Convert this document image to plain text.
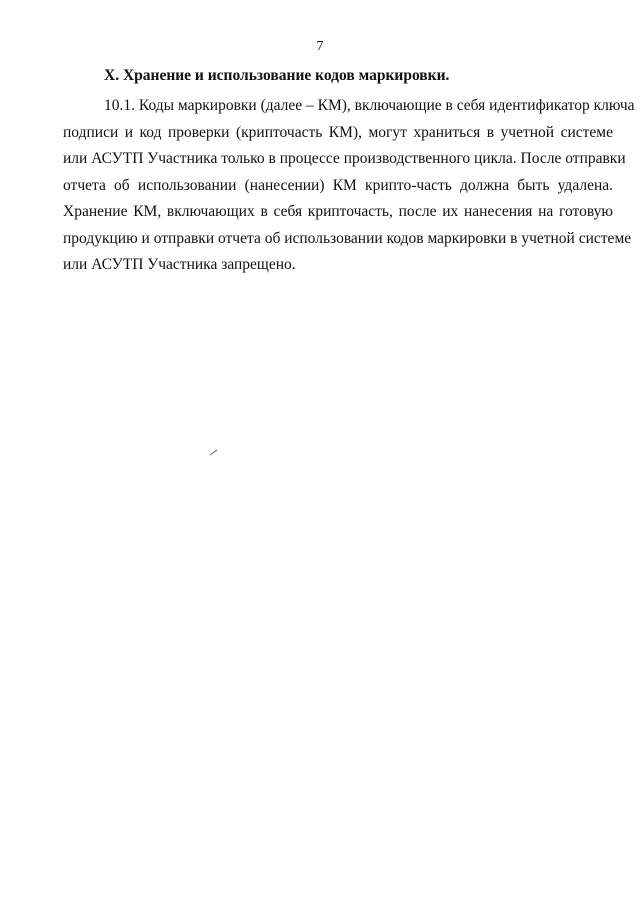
7
X. Хранение и использование кодов маркировки.
10.1. Коды маркировки (далее – КМ), включающие в себя идентификатор ключа
подписи и код проверки (крипточасть КМ), могут храниться в учетной системе
или АСУТП Участника только в процессе производственного цикла. После отправки
отчета об использовании (нанесении) КМ крипто-часть должна быть удалена.
Хранение КМ, включающих в себя крипточасть, после их нанесения на готовую
продукцию и отправки отчета об использовании кодов маркировки в учетной системе
или АСУТП Участника запрещено.
